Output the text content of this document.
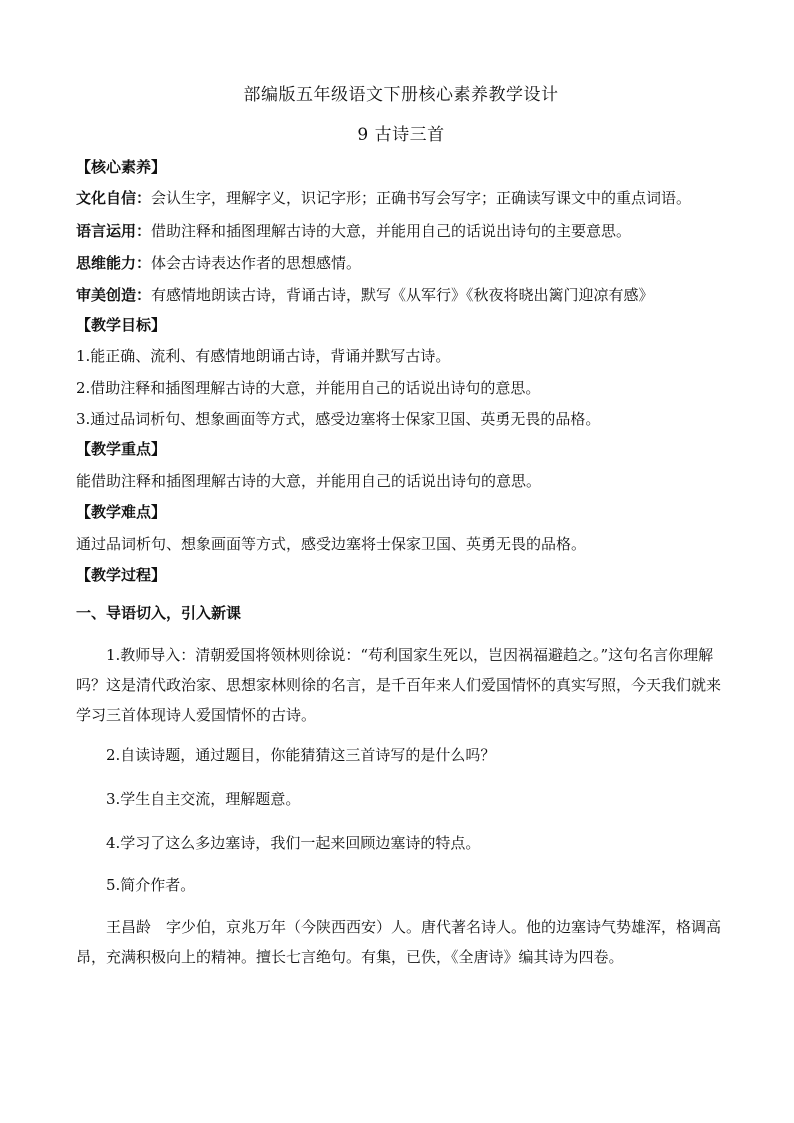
部编版五年级语文下册核心素养教学设计
9 古诗三首
【核心素养】
文化自信：会认生字，理解字义，识记字形；正确书写会写字；正确读写课文中的重点词语。
语言运用：借助注释和插图理解古诗的大意，并能用自己的话说出诗句的主要意思。
思维能力：体会古诗表达作者的思想感情。
审美创造：有感情地朗读古诗，背诵古诗，默写《从军行》《秋夜将晓出篱门迎凉有感》
【教学目标】
1.能正确、流利、有感情地朗诵古诗，背诵并默写古诗。
2.借助注释和插图理解古诗的大意，并能用自己的话说出诗句的意思。
3.通过品词析句、想象画面等方式，感受边塞将士保家卫国、英勇无畏的品格。
【教学重点】
能借助注释和插图理解古诗的大意，并能用自己的话说出诗句的意思。
【教学难点】
通过品词析句、想象画面等方式，感受边塞将士保家卫国、英勇无畏的品格。
【教学过程】
一、导语切入，引入新课
1.教师导入：清朝爱国将领林则徐说：“苟利国家生死以，岂因祸福避趋之。”这句名言你理解吗？这是清代政治家、思想家林则徐的名言，是千百年来人们爱国情怀的真实写照，今天我们就来学习三首体现诗人爱国情怀的古诗。
2.自读诗题，通过题目，你能猜猜这三首诗写的是什么吗？
3.学生自主交流，理解题意。
4.学习了这么多边塞诗，我们一起来回顾边塞诗的特点。
5.简介作者。
王昌龄　字少伯，京兆万年（今陕西西安）人。唐代著名诗人。他的边塞诗气势雄浑，格调高昂，充满积极向上的精神。擅长七言绝句。有集，已佚，《全唐诗》编其诗为四卷。
